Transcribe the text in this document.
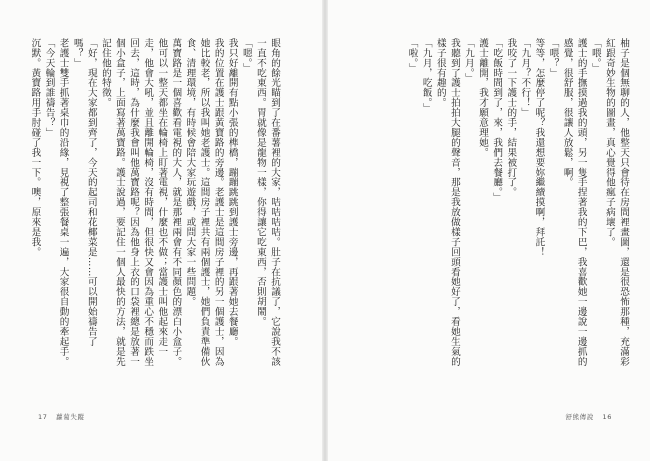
眼角的餘光瞄到了在番薯裡的大家，咭咭咭咭。肚子在抗議了，它說我不該一直不吃東西。胃就像是龍物一樣，你得讓它吃東西，否則胡鬧。

「嗯。」

我只好離開有點小張的榫橋，蹦蹦跳跳到護士旁邊，再跟著她去餐廳。

我的位置在護士跟黃寶路的旁邊。老護士是這間房子裡的另一個護士，因為她比較老，所以我叫她老護士。這間房子裡共有兩個護士，她們負責準備伙食、清理環境，有時候會陪大家玩遊戲，或問大家一些問題。

萬寶路是一個喜歡看電視的大人，就是那裡兩會有不同顏色的漂白小盒子。他可以一整天都坐在輪椅上盯著電視，什麼也不做；當護士叫他起來走一走，他會大吼，並且離開輪椅，沒有時間，但很快又會因為重心不穩而跌坐回去，這時，為什麼我會叫他萬寶路呢？因為他身上衣的口袋裡總是放著一個小盒子，上面寫著萬寶路。護士說過，要記住一個人最快的方法，就是先記住他的特徵。

「好，現在大家都到齊了，今天的起司和花椰菜是……可以開始禱告了嗎？」

老護士雙手抓著桌巾的沿緣，見視了整張餐桌一遍，大家很自動的牽起手。

「今天輪到誰禱告？」

沉默。黃寶路用手肘碰了我一下。噢，原來是我。

17 蘿蔔失蹤

柚子是個無聊的人，他整天只會待在房間裡畫圖，還是很恐怖那種，充滿彩紅跟奇妙生物的圖畫，真心覺得他瘋子病壞了。

「喂。」

護士的手撫摸過我的頭，另一隻手捏著我的下巴，我喜歡她一邊說一邊抓的感覺，很舒服，很讓人放鬆，啊。

「喂？」

等等，怎麼停了呢？我還想要妳繼續摸啊，拜託！

「九月？不行！」

我咬了一下護士的手，結果被打了。

「吃飯時間到了，來，我們去餐廳。」

護士離開，我才願意理她。

「九月。」

我聽到了護士拍拍大腿的聲音，那是我放做樣子回頭看她好了，看她生氣的樣子很有趣的。

「九月，吃飯。」

「啦。」

舒熊傳說 16
